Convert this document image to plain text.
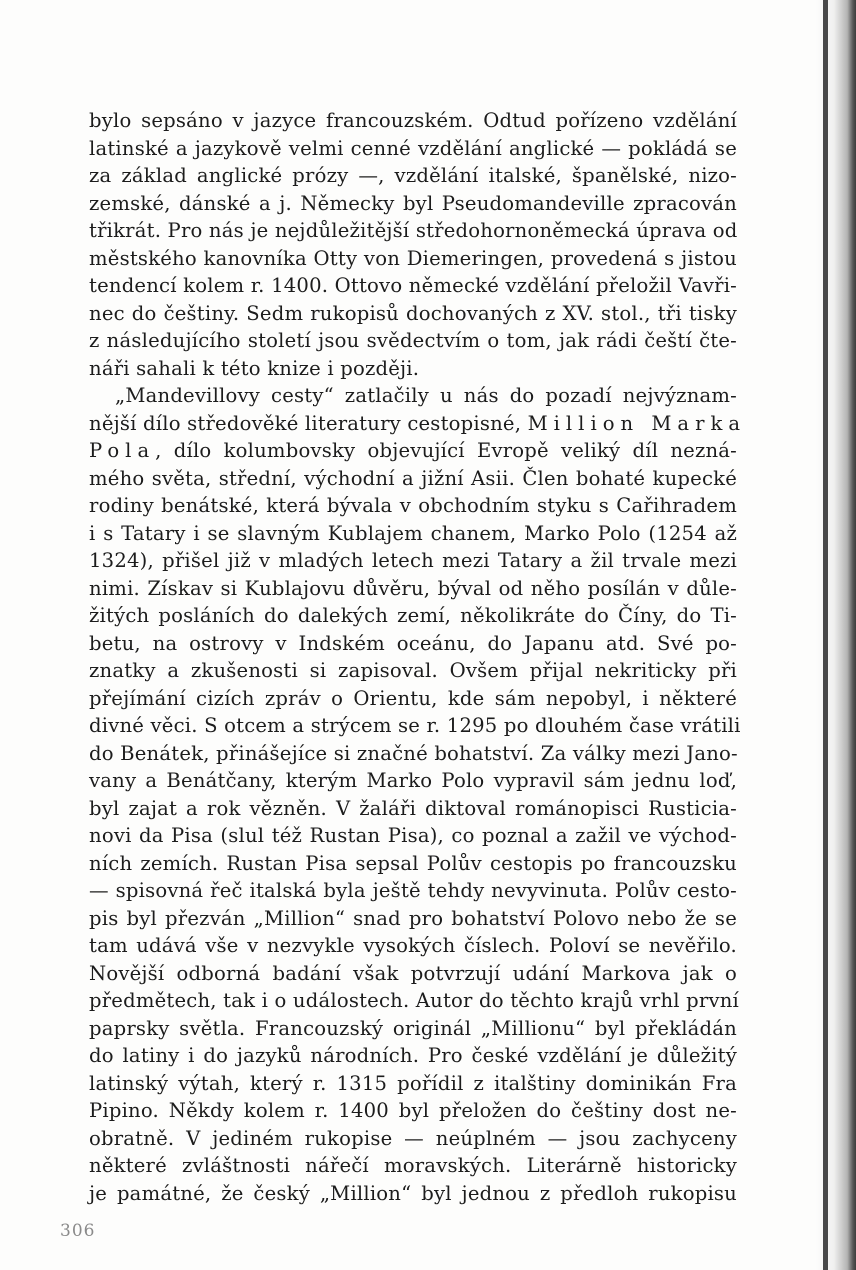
bylo sepsáno v jazyce francouzském. Odtud pořízeno vzdělání
latinské a jazykově velmi cenné vzdělání anglické — pokládá se
za základ anglické prózy —, vzdělání italské, španělské, nizo-
zemské, dánské a j. Německy byl Pseudomandeville zpracován
třikrát. Pro nás je nejdůležitější středohornoněmecká úprava od
městského kanovníka Otty von Diemeringen, provedená s jistou
tendencí kolem r. 1400. Ottovo německé vzdělání přeložil Vavři-
nec do češtiny. Sedm rukopisů dochovaných z XV. stol., tři tisky
z následujícího století jsou svědectvím o tom, jak rádi čeští čte-
náři sahali k této knize i později.
„Mandevillovy cesty“ zatlačily u nás do pozadí nejvýznam-
nější dílo středověké literatury cestopisné, Million Marka
Pola, dílo kolumbovsky objevující Evropě veliký díl nezná-
mého světa, střední, východní a jižní Asii. Člen bohaté kupecké
rodiny benátské, která bývala v obchodním styku s Cařihradem
i s Tatary i se slavným Kublajem chanem, Marko Polo (1254 až
1324), přišel již v mladých letech mezi Tatary a žil trvale mezi
nimi. Získav si Kublajovu důvěru, býval od něho posílán v důle-
žitých posláních do dalekých zemí, několikráte do Číny, do Ti-
betu, na ostrovy v Indském oceánu, do Japanu atd. Své po-
znatky a zkušenosti si zapisoval. Ovšem přijal nekriticky při
přejímání cizích zpráv o Orientu, kde sám nepobyl, i některé
divné věci. S otcem a strýcem se r. 1295 po dlouhém čase vrátili
do Benátek, přinášejíce si značné bohatství. Za války mezi Jano-
vany a Benátčany, kterým Marko Polo vypravil sám jednu loď,
byl zajat a rok vězněn. V žaláři diktoval románopisci Rusticia-
novi da Pisa (slul též Rustan Pisa), co poznal a zažil ve východ-
ních zemích. Rustan Pisa sepsal Polův cestopis po francouzsku
— spisovná řeč italská byla ještě tehdy nevyvinuta. Polův cesto-
pis byl přezván „Million“ snad pro bohatství Polovo nebo že se
tam udává vše v nezvykle vysokých číslech. Poloví se nevěřilo.
Novější odborná badání však potvrzují udání Markova jak o
předmětech, tak i o událostech. Autor do těchto krajů vrhl první
paprsky světla. Francouzský originál „Millionu“ byl překládán
do latiny i do jazyků národních. Pro české vzdělání je důležitý
latinský výtah, který r. 1315 pořídil z italštiny dominikán Fra
Pipino. Někdy kolem r. 1400 byl přeložen do češtiny dost ne-
obratně. V jediném rukopise — neúplném — jsou zachyceny
některé zvláštnosti nářečí moravských. Literárně historicky
je památné, že český „Million“ byl jednou z předloh rukopisu
306
